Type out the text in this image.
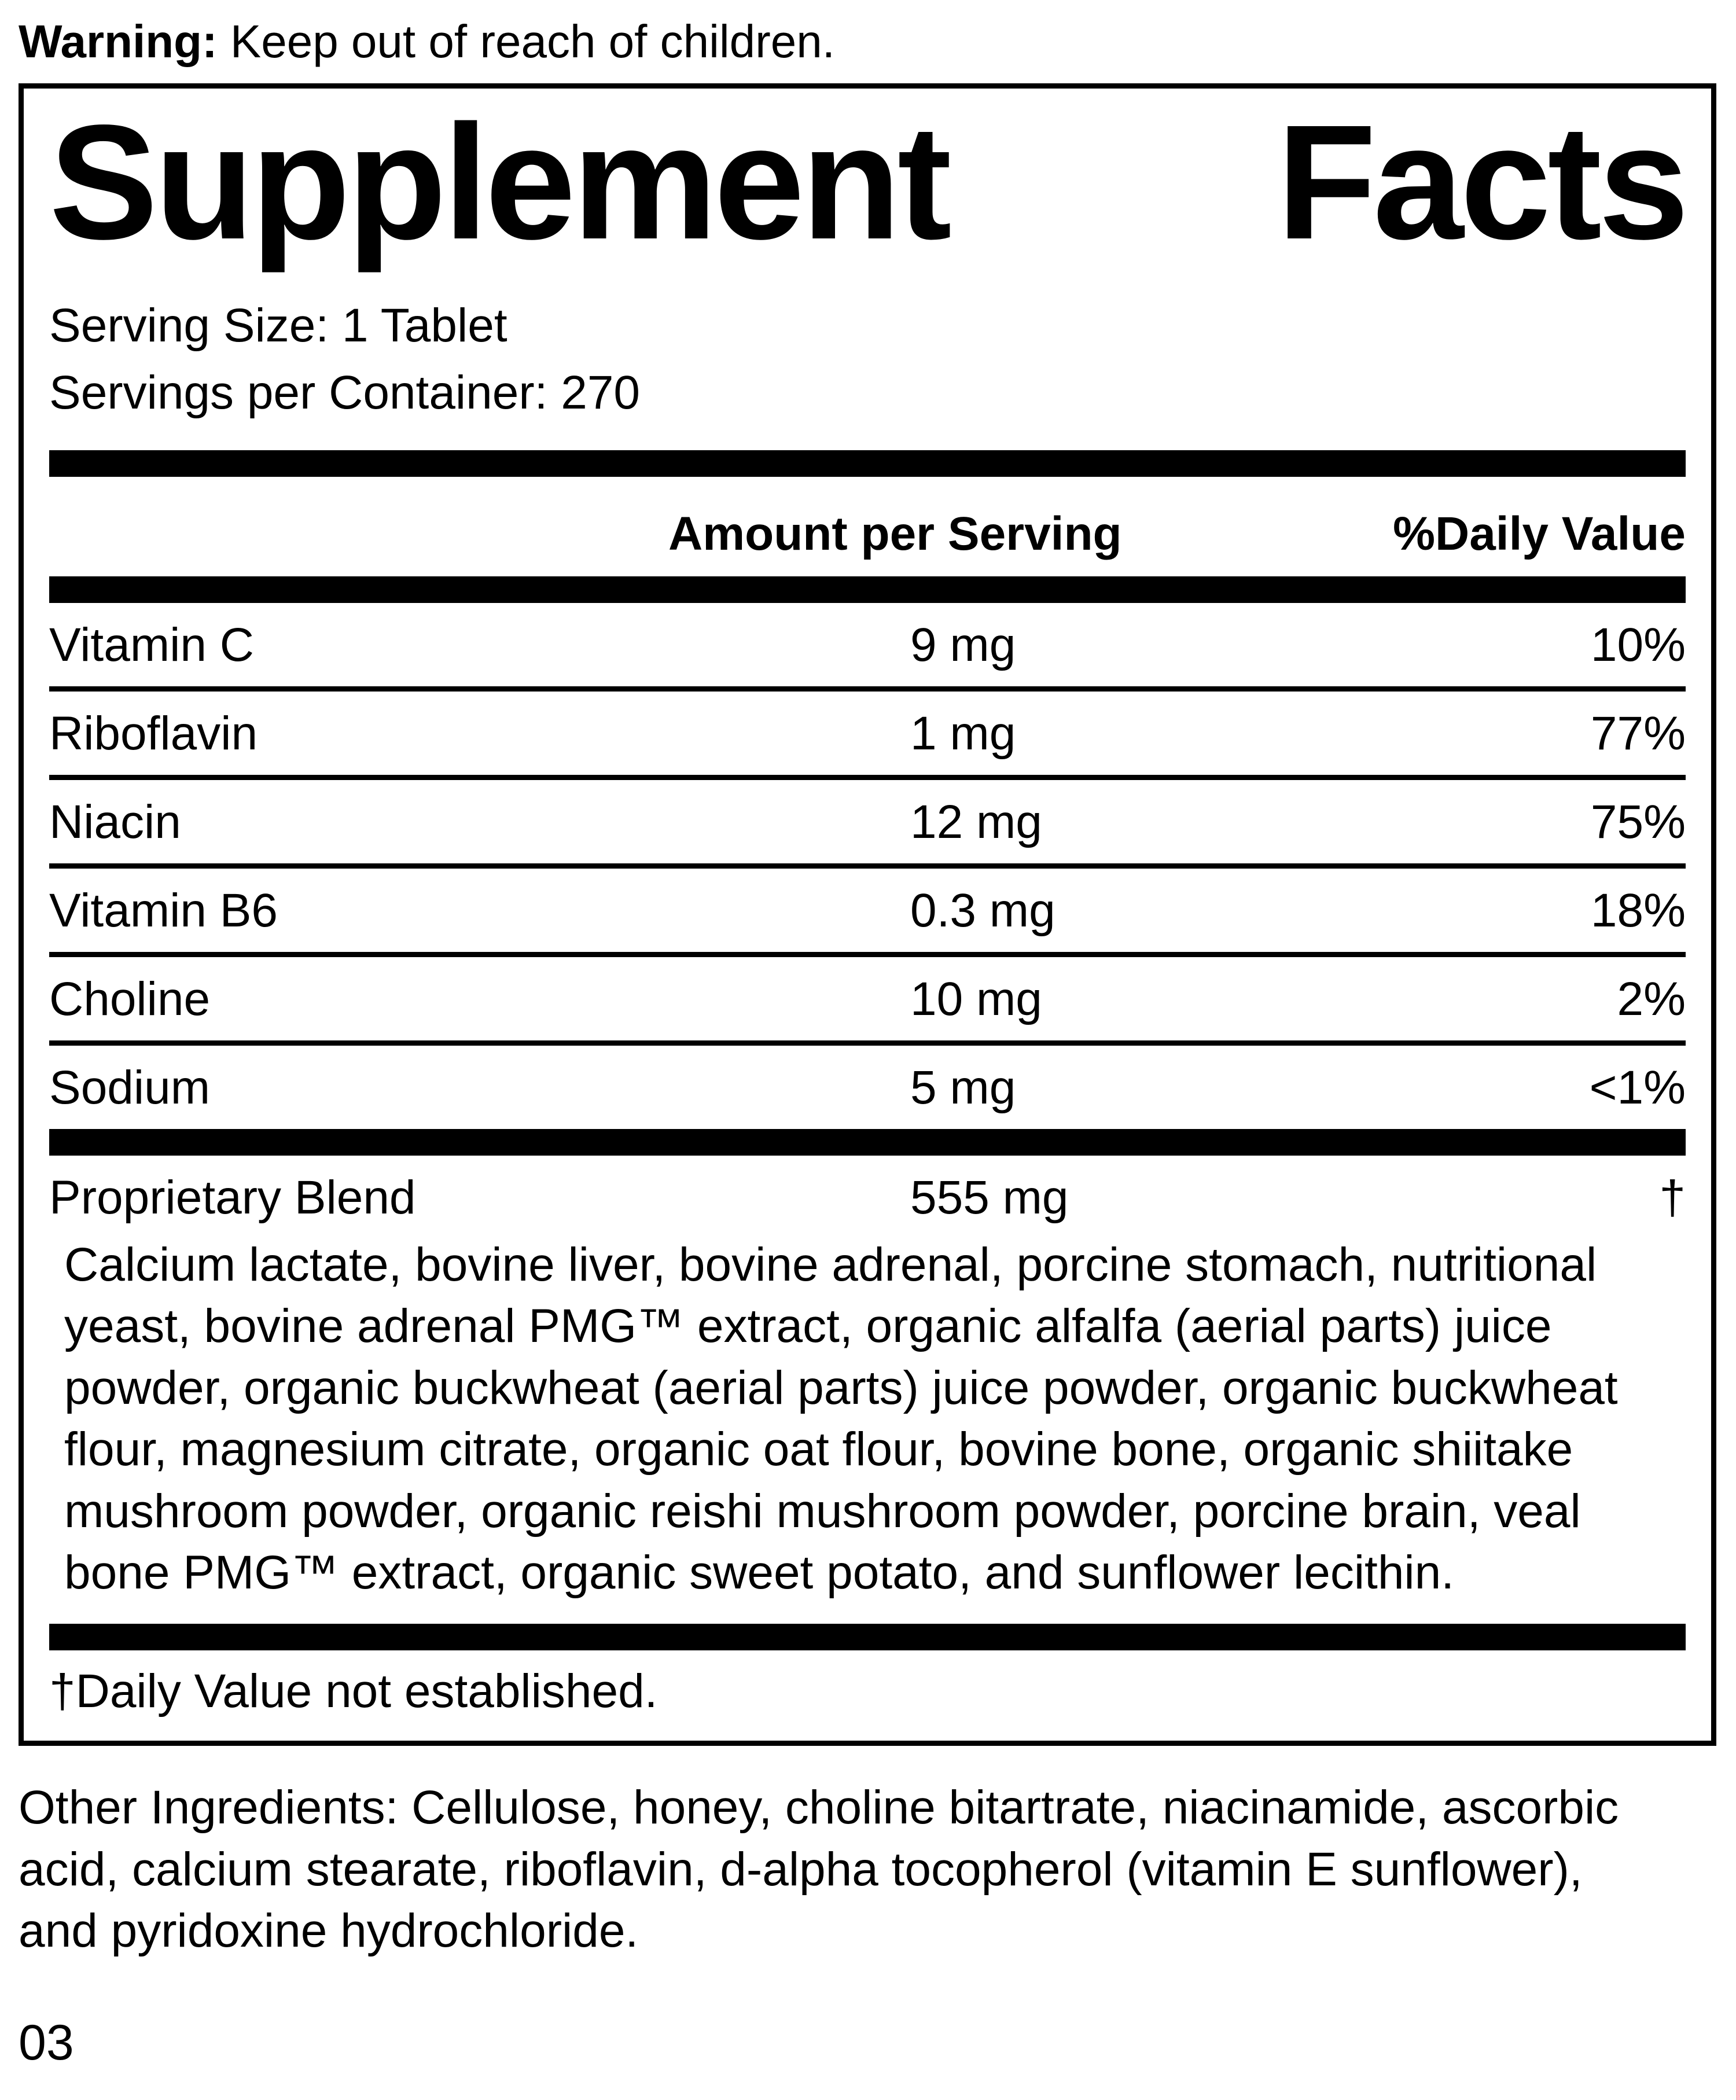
Warning: Keep out of reach of children.
Supplement Facts
Serving Size: 1 Tablet
Servings per Container: 270
Amount per Serving	%Daily Value
Vitamin C	9 mg	10%
Riboflavin	1 mg	77%
Niacin	12 mg	75%
Vitamin B6	0.3 mg	18%
Choline	10 mg	2%
Sodium	5 mg	<1%
Proprietary Blend	555 mg	†
Calcium lactate, bovine liver, bovine adrenal, porcine stomach, nutritional yeast, bovine adrenal PMG™ extract, organic alfalfa (aerial parts) juice powder, organic buckwheat (aerial parts) juice powder, organic buckwheat flour, magnesium citrate, organic oat flour, bovine bone, organic shiitake mushroom powder, organic reishi mushroom powder, porcine brain, veal bone PMG™ extract, organic sweet potato, and sunflower lecithin.
†Daily Value not established.
Other Ingredients: Cellulose, honey, choline bitartrate, niacinamide, ascorbic acid, calcium stearate, riboflavin, d-alpha tocopherol (vitamin E sunflower), and pyridoxine hydrochloride.
03
